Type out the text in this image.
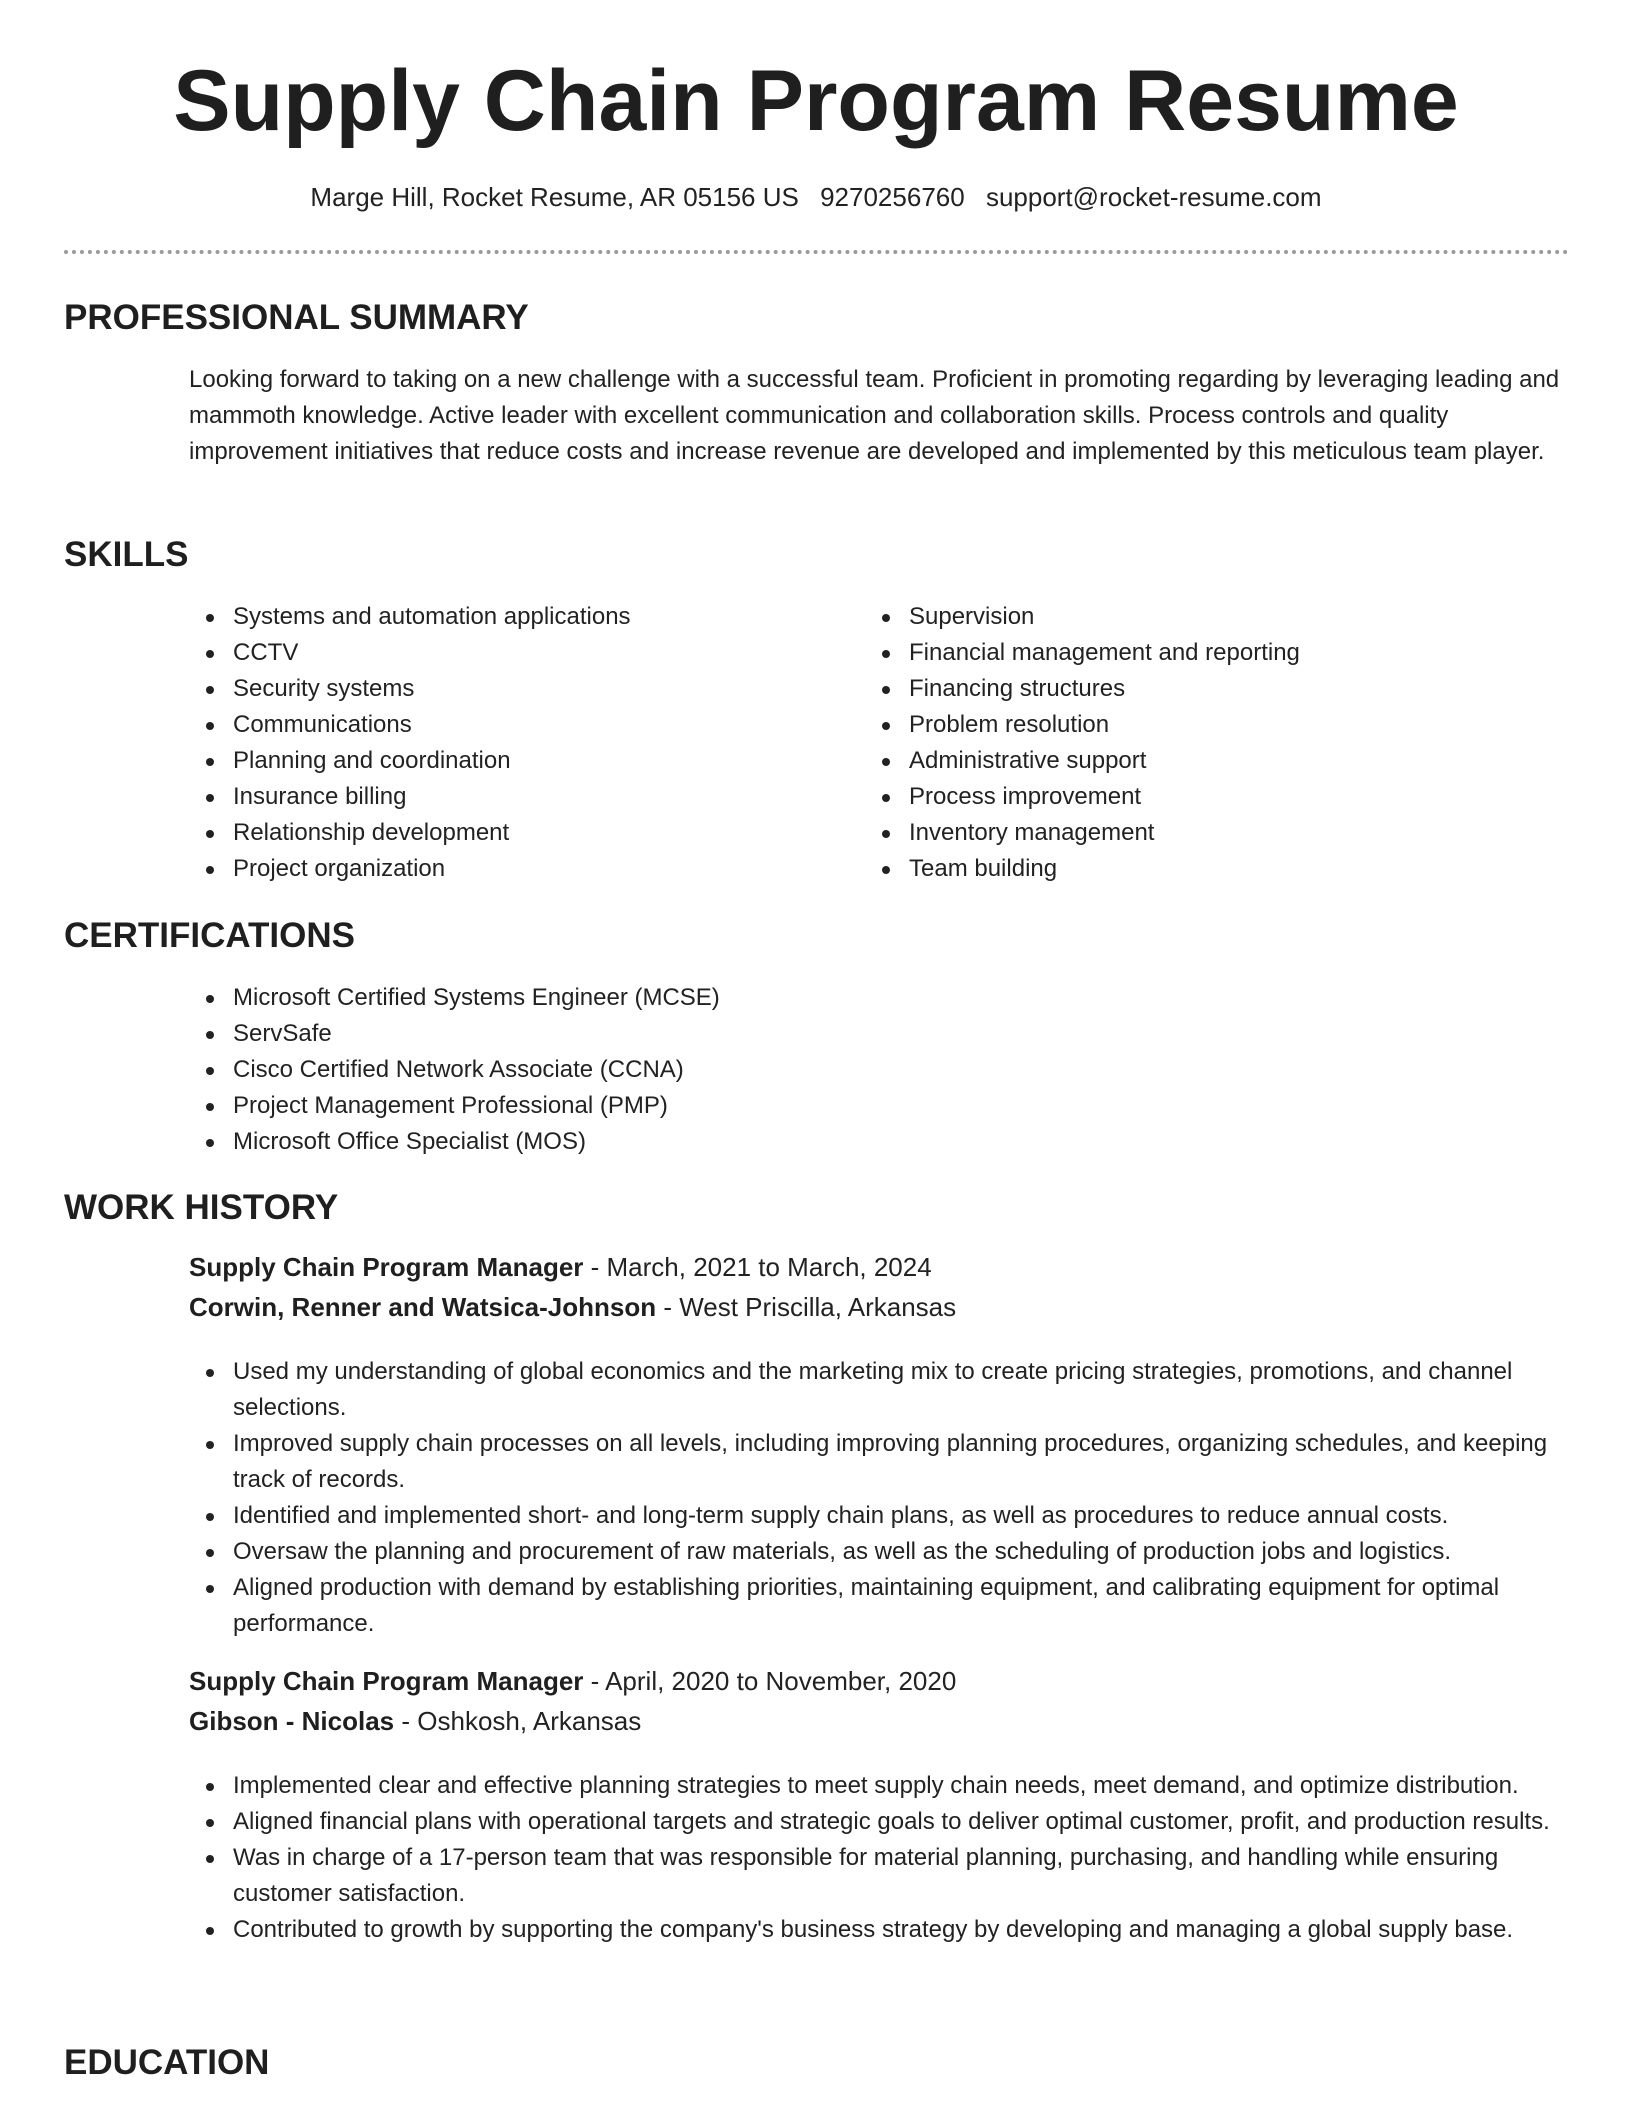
Supply Chain Program Resume
Marge Hill, Rocket Resume, AR 05156 US 9270256760 support@rocket-resume.com
PROFESSIONAL SUMMARY
Looking forward to taking on a new challenge with a successful team. Proficient in promoting regarding by leveraging leading and mammoth knowledge. Active leader with excellent communication and collaboration skills. Process controls and quality improvement initiatives that reduce costs and increase revenue are developed and implemented by this meticulous team player.
SKILLS
Systems and automation applications
CCTV
Security systems
Communications
Planning and coordination
Insurance billing
Relationship development
Project organization
Supervision
Financial management and reporting
Financing structures
Problem resolution
Administrative support
Process improvement
Inventory management
Team building
CERTIFICATIONS
Microsoft Certified Systems Engineer (MCSE)
ServSafe
Cisco Certified Network Associate (CCNA)
Project Management Professional (PMP)
Microsoft Office Specialist (MOS)
WORK HISTORY
Supply Chain Program Manager - March, 2021 to March, 2024
Corwin, Renner and Watsica-Johnson - West Priscilla, Arkansas
Used my understanding of global economics and the marketing mix to create pricing strategies, promotions, and channel selections.
Improved supply chain processes on all levels, including improving planning procedures, organizing schedules, and keeping track of records.
Identified and implemented short- and long-term supply chain plans, as well as procedures to reduce annual costs.
Oversaw the planning and procurement of raw materials, as well as the scheduling of production jobs and logistics.
Aligned production with demand by establishing priorities, maintaining equipment, and calibrating equipment for optimal performance.
Supply Chain Program Manager - April, 2020 to November, 2020
Gibson - Nicolas - Oshkosh, Arkansas
Implemented clear and effective planning strategies to meet supply chain needs, meet demand, and optimize distribution.
Aligned financial plans with operational targets and strategic goals to deliver optimal customer, profit, and production results.
Was in charge of a 17-person team that was responsible for material planning, purchasing, and handling while ensuring customer satisfaction.
Contributed to growth by supporting the company's business strategy by developing and managing a global supply base.
EDUCATION
